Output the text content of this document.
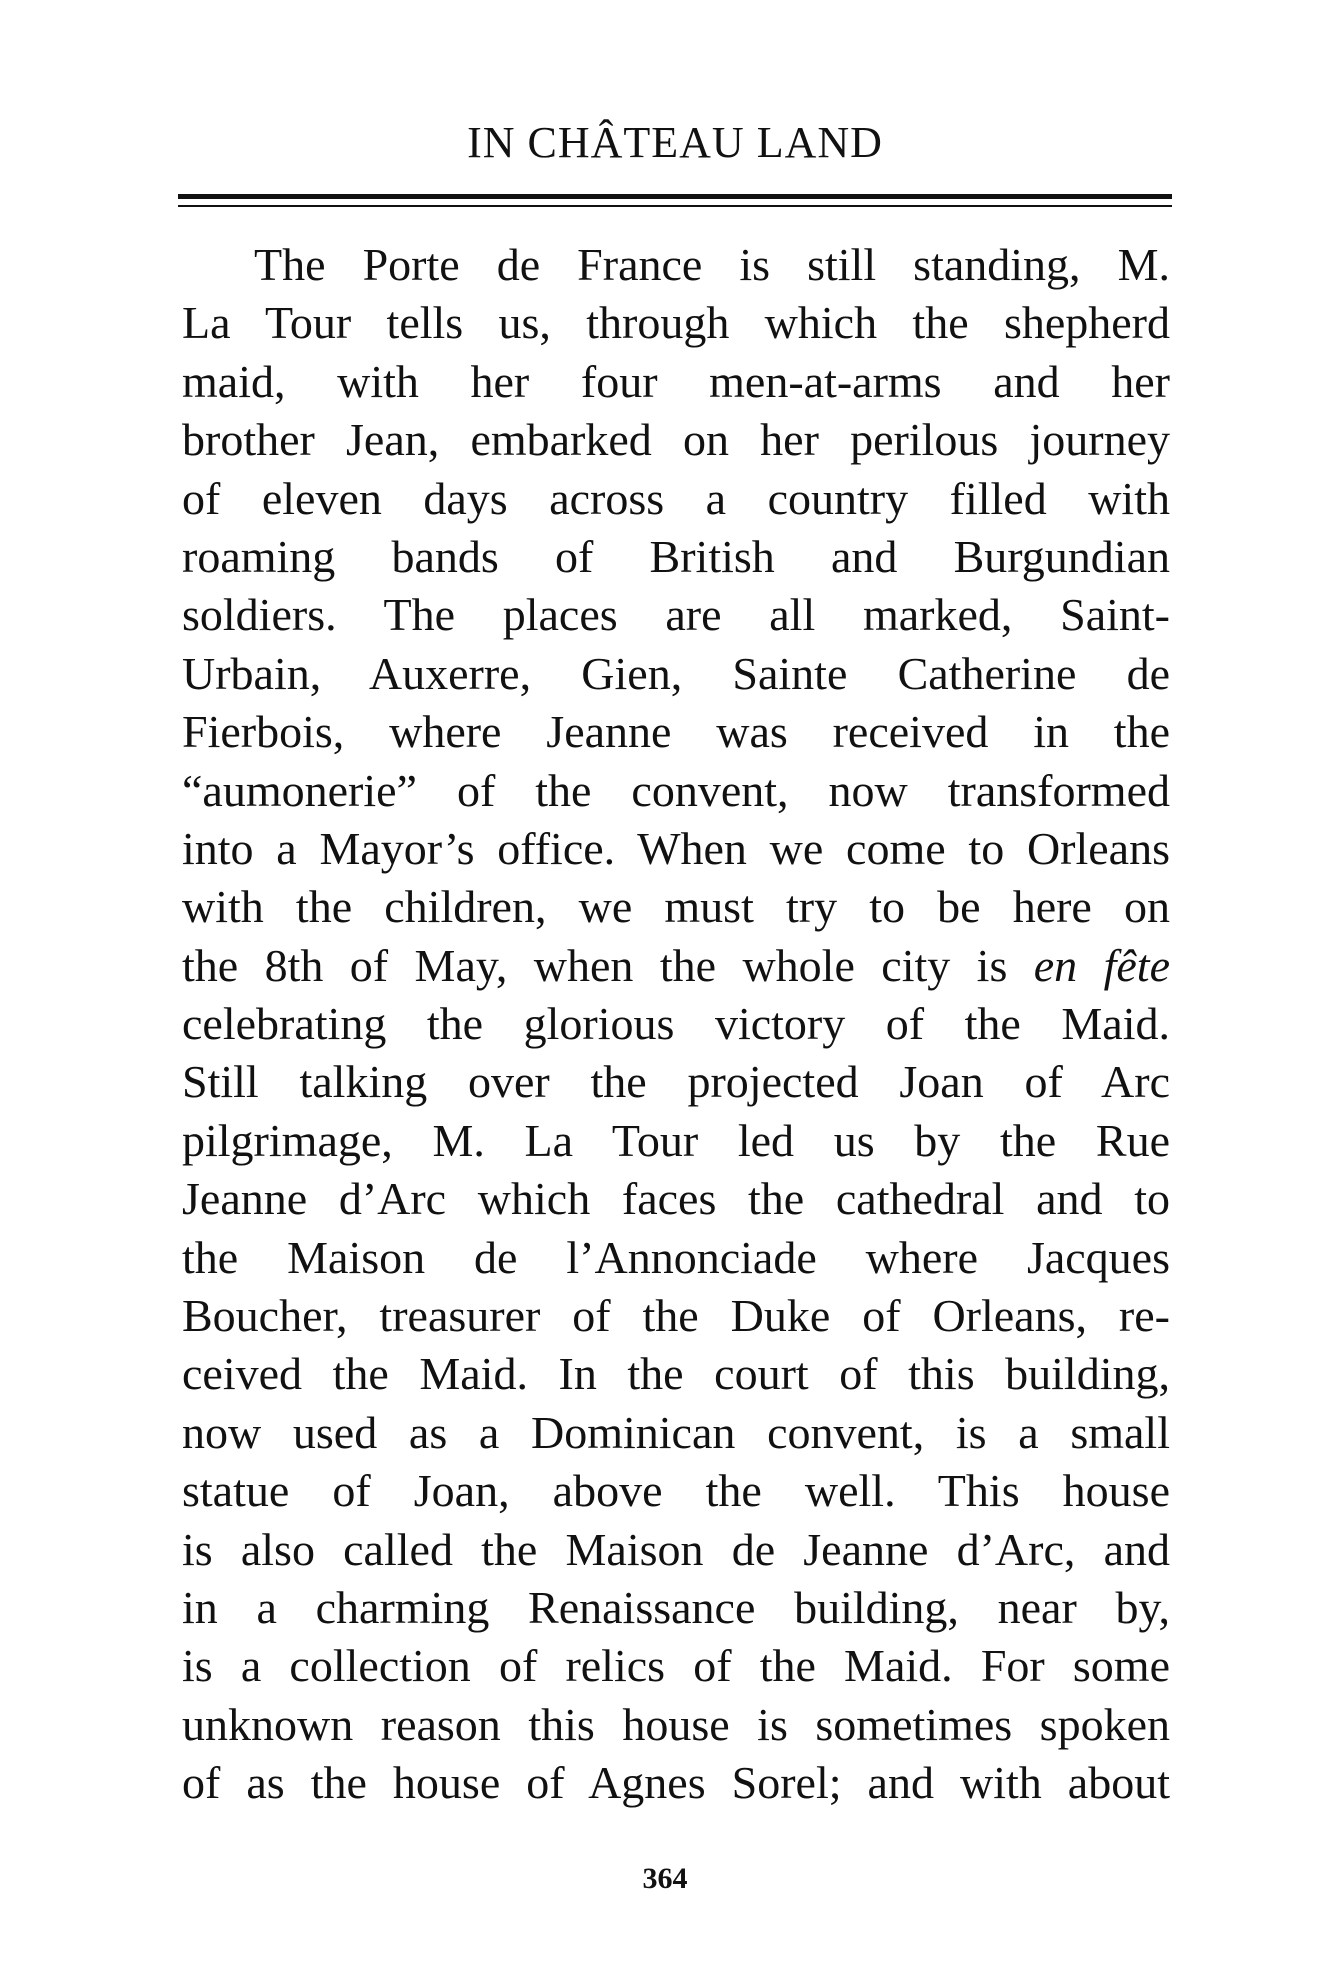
IN CHÂTEAU LAND
The Porte de France is still standing, M.
La Tour tells us, through which the shepherd
maid, with her four men-at-arms and her
brother Jean, embarked on her perilous journey
of eleven days across a country filled with
roaming bands of British and Burgundian
soldiers. The places are all marked, Saint-
Urbain, Auxerre, Gien, Sainte Catherine de
Fierbois, where Jeanne was received in the
“aumonerie” of the convent, now transformed
into a Mayor’s office. When we come to Orleans
with the children, we must try to be here on
the 8th of May, when the whole city is en fête
celebrating the glorious victory of the Maid.
Still talking over the projected Joan of Arc
pilgrimage, M. La Tour led us by the Rue
Jeanne d’Arc which faces the cathedral and to
the Maison de l’Annonciade where Jacques
Boucher, treasurer of the Duke of Orleans, re-
ceived the Maid. In the court of this building,
now used as a Dominican convent, is a small
statue of Joan, above the well. This house
is also called the Maison de Jeanne d’Arc, and
in a charming Renaissance building, near by,
is a collection of relics of the Maid. For some
unknown reason this house is sometimes spoken
of as the house of Agnes Sorel; and with about
364
